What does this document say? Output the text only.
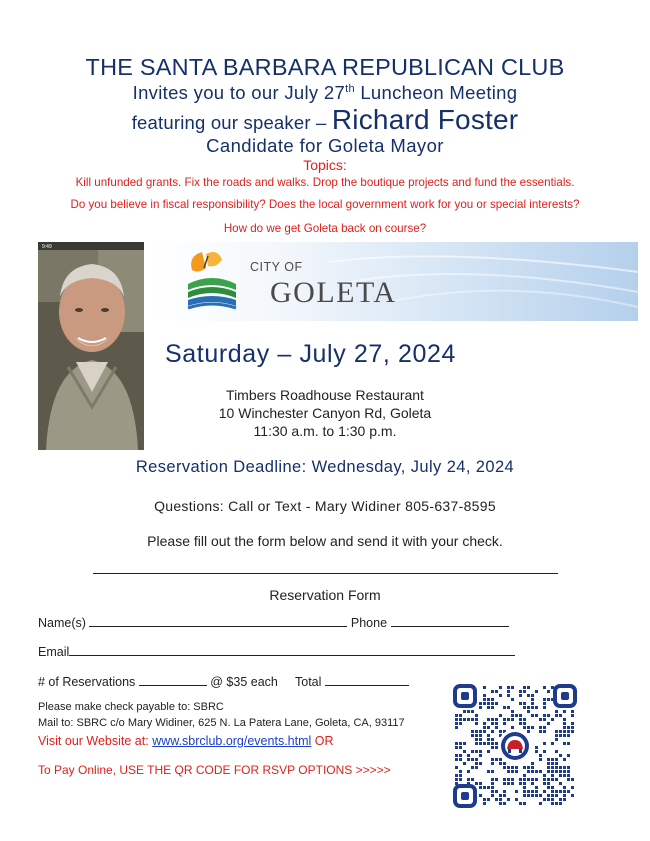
THE SANTA BARBARA REPUBLICAN CLUB
Invites you to our July 27th Luncheon Meeting
featuring our speaker – Richard Foster
Candidate for Goleta Mayor
Topics:
Kill unfunded grants. Fix the roads and walks. Drop the boutique projects and fund the essentials.
Do you believe in fiscal responsibility? Does the local government work for you or special interests?
How do we get Goleta back on course?
9:49
CITY OF
GOLETA
Saturday – July 27, 2024
Timbers Roadhouse Restaurant
10 Winchester Canyon Rd, Goleta
11:30 a.m. to 1:30 p.m.
Reservation Deadline: Wednesday, July 24, 2024
Questions: Call or Text - Mary Widiner 805-637-8595
Please fill out the form below and send it with your check.
Reservation Form
Name(s)	Phone
Email
# of Reservations	@ $35 each Total
Please make check payable to: SBRC
Mail to: SBRC c/o Mary Widiner, 625 N. La Patera Lane, Goleta, CA, 93117
Visit our Website at: www.sbrclub.org/events.html OR
To Pay Online, USE THE QR CODE FOR RSVP OPTIONS >>>>>
